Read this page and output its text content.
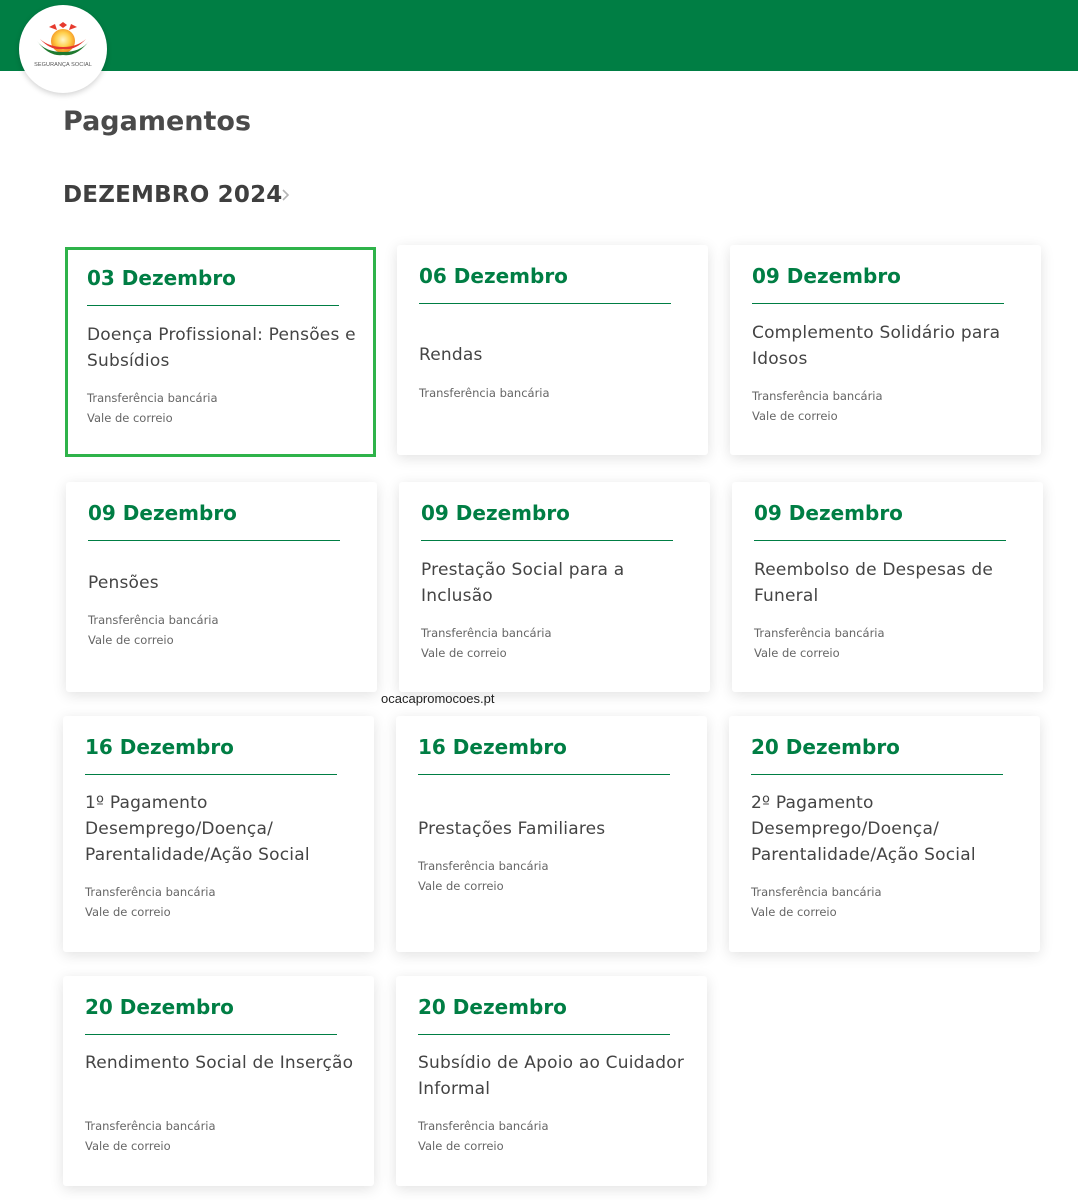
SEGURANÇA SOCIAL
Pagamentos
DEZEMBRO 2024
03 Dezembro
Doença Profissional: Pensões e Subsídios
Transferência bancária
Vale de correio
06 Dezembro
Rendas
Transferência bancária
09 Dezembro
Complemento Solidário para Idosos
Transferência bancária
Vale de correio
09 Dezembro
Pensões
Transferência bancária
Vale de correio
09 Dezembro
Prestação Social para a Inclusão
Transferência bancária
Vale de correio
09 Dezembro
Reembolso de Despesas de Funeral
Transferência bancária
Vale de correio
ocacapromocoes.pt
16 Dezembro
1º Pagamento Desemprego/Doença/ Parentalidade/Ação Social
Transferência bancária
Vale de correio
16 Dezembro
Prestações Familiares
Transferência bancária
Vale de correio
20 Dezembro
2º Pagamento Desemprego/Doença/ Parentalidade/Ação Social
Transferência bancária
Vale de correio
20 Dezembro
Rendimento Social de Inserção
Transferência bancária
Vale de correio
20 Dezembro
Subsídio de Apoio ao Cuidador Informal
Transferência bancária
Vale de correio
